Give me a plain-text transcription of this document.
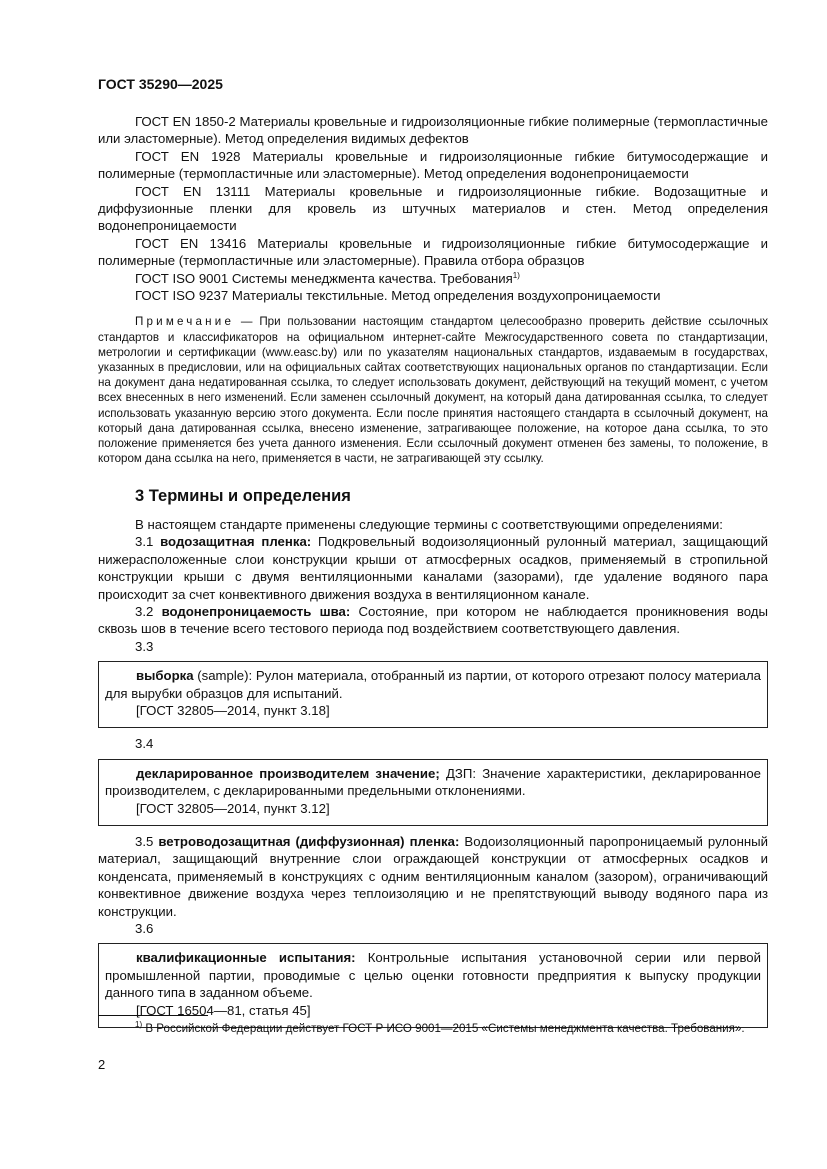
ГОСТ 35290—2025

ГОСТ EN 1850-2 Материалы кровельные и гидроизоляционные гибкие полимерные (термопластичные или эластомерные). Метод определения видимых дефектов

ГОСТ EN 1928 Материалы кровельные и гидроизоляционные гибкие битумосодержащие и полимерные (термопластичные или эластомерные). Метод определения водонепроницаемости

ГОСТ EN 13111 Материалы кровельные и гидроизоляционные гибкие. Водозащитные и диффузионные пленки для кровель из штучных материалов и стен. Метод определения водонепроницаемости

ГОСТ EN 13416 Материалы кровельные и гидроизоляционные гибкие битумосодержащие и полимерные (термопластичные или эластомерные). Правила отбора образцов

ГОСТ ISO 9001 Системы менеджмента качества. Требования$^{1)}$

ГОСТ ISO 9237 Материалы текстильные. Метод определения воздухопроницаемости

Примечание — При пользовании настоящим стандартом целесообразно проверить действие ссылочных стандартов и классификаторов на официальном интернет-сайте Межгосударственного совета по стандартизации, метрологии и сертификации (www.easc.by) или по указателям национальных стандартов, издаваемым в государствах, указанных в предисловии, или на официальных сайтах соответствующих национальных органов по стандартизации. Если на документ дана недатированная ссылка, то следует использовать документ, действующий на текущий момент, с учетом всех внесенных в него изменений. Если заменен ссылочный документ, на который дана датированная ссылка, то следует использовать указанную версию этого документа. Если после принятия настоящего стандарта в ссылочный документ, на который дана датированная ссылка, внесено изменение, затрагивающее положение, на которое дана ссылка, то это положение применяется без учета данного изменения. Если ссылочный документ отменен без замены, то положение, в котором дана ссылка на него, применяется в части, не затрагивающей эту ссылку.

3 Термины и определения

В настоящем стандарте применены следующие термины с соответствующими определениями:

3.1 водозащитная пленка: Подкровельный водоизоляционный рулонный материал, защищающий нижерасположенные слои конструкции крыши от атмосферных осадков, применяемый в стропильной конструкции крыши с двумя вентиляционными каналами (зазорами), где удаление водяного пара происходит за счет конвективного движения воздуха в вентиляционном канале.

3.2 водонепроницаемость шва: Состояние, при котором не наблюдается проникновения воды сквозь шов в течение всего тестового периода под воздействием соответствующего давления.

3.3

выборка (sample): Рулон материала, отобранный из партии, от которого отрезают полосу материала для вырубки образцов для испытаний.

[ГОСТ 32805—2014, пункт 3.18]

3.4

декларированное производителем значение; ДЗП: Значение характеристики, декларированное производителем, с декларированными предельными отклонениями.

[ГОСТ 32805—2014, пункт 3.12]

3.5 ветроводозащитная (диффузионная) пленка: Водоизоляционный паропроницаемый рулонный материал, защищающий внутренние слои ограждающей конструкции от атмосферных осадков и конденсата, применяемый в конструкциях с одним вентиляционным каналом (зазором), ограничивающий конвективное движение воздуха через теплоизоляцию и не препятствующий выводу водяного пара из конструкции.

3.6

квалификационные испытания: Контрольные испытания установочной серии или первой промышленной партии, проводимые с целью оценки готовности предприятия к выпуску продукции данного типа в заданном объеме.

[ГОСТ 16504—81, статья 45]

$^{1)}$ В Российской Федерации действует ГОСТ Р ИСО 9001—2015 «Системы менеджмента качества. Требования».

2
